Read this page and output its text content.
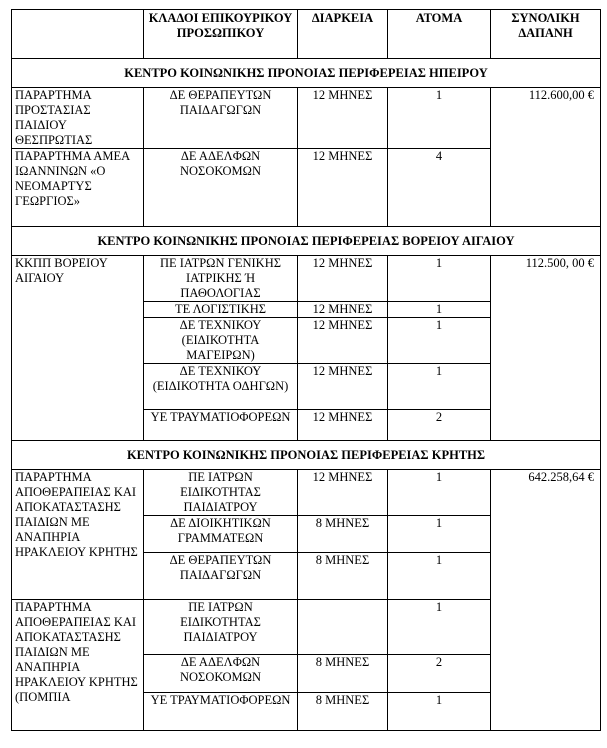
	ΚΛΑΔΟΙ ΕΠΙΚΟΥΡΙΚΟΥ ΠΡΟΣΩΠΙΚΟΥ	ΔΙΑΡΚΕΙΑ	ΑΤΟΜΑ	ΣΥΝΟΛΙΚΗ ΔΑΠΑΝΗ
ΚΕΝΤΡΟ ΚΟΙΝΩΝΙΚΗΣ ΠΡΟΝΟΙΑΣ ΠΕΡΙΦΕΡΕΙΑΣ ΗΠΕΙΡΟΥ				
ΠΑΡΑΡΤΗΜΑ ΠΡΟΣΤΑΣΙΑΣ ΠΑΙΔΙΟΥ ΘΕΣΠΡΩΤΙΑΣ	ΔΕ ΘΕΡΑΠΕΥΤΩΝ ΠΑΙΔΑΓΩΓΩΝ	12 ΜΗΝΕΣ	1	112.600,00 €
ΠΑΡΑΡΤΗΜΑ ΑΜΕΑ ΙΩΑΝΝΙΝΩΝ «Ο ΝΕΟΜΑΡΤΥΣ ΓΕΩΡΓΙΟΣ»	ΔΕ ΑΔΕΛΦΩΝ ΝΟΣΟΚΟΜΩΝ	12 ΜΗΝΕΣ	4	
ΚΕΝΤΡΟ ΚΟΙΝΩΝΙΚΗΣ ΠΡΟΝΟΙΑΣ ΠΕΡΙΦΕΡΕΙΑΣ ΒΟΡΕΙΟΥ ΑΙΓΑΙΟΥ				
ΚΚΠΠ ΒΟΡΕΙΟΥ ΑΙΓΑΙΟΥ	ΠΕ ΙΑΤΡΩΝ ΓΕΝΙΚΗΣ ΙΑΤΡΙΚΗΣ Ή ΠΑΘΟΛΟΓΙΑΣ	12 ΜΗΝΕΣ	1	112.500, 00 €
	ΤΕ ΛΟΓΙΣΤΙΚΗΣ	12 ΜΗΝΕΣ	1	
	ΔΕ ΤΕΧΝΙΚΟΥ (ΕΙΔΙΚΟΤΗΤΑ ΜΑΓΕΙΡΩΝ)	12 ΜΗΝΕΣ	1	
	ΔΕ ΤΕΧΝΙΚΟΥ (ΕΙΔΙΚΟΤΗΤΑ ΟΔΗΓΩΝ)	12 ΜΗΝΕΣ	1	
	ΥΕ ΤΡΑΥΜΑΤΙΟΦΟΡΕΩΝ	12 ΜΗΝΕΣ	2	
ΚΕΝΤΡΟ ΚΟΙΝΩΝΙΚΗΣ ΠΡΟΝΟΙΑΣ ΠΕΡΙΦΕΡΕΙΑΣ ΚΡΗΤΗΣ				
ΠΑΡΑΡΤΗΜΑ ΑΠΟΘΕΡΑΠΕΙΑΣ ΚΑΙ ΑΠΟΚΑΤΑΣΤΑΣΗΣ ΠΑΙΔΙΩΝ ΜΕ ΑΝΑΠΗΡΙΑ ΗΡΑΚΛΕΙΟΥ ΚΡΗΤΗΣ	ΠΕ ΙΑΤΡΩΝ ΕΙΔΙΚΟΤΗΤΑΣ ΠΑΙΔΙΑΤΡΟΥ	12 ΜΗΝΕΣ	1	642.258,64 €
	ΔΕ ΔΙΟΙΚΗΤΙΚΩΝ ΓΡΑΜΜΑΤΕΩΝ	8 ΜΗΝΕΣ	1	
	ΔΕ ΘΕΡΑΠΕΥΤΩΝ ΠΑΙΔΑΓΩΓΩΝ	8 ΜΗΝΕΣ	1	
ΠΑΡΑΡΤΗΜΑ ΑΠΟΘΕΡΑΠΕΙΑΣ ΚΑΙ ΑΠΟΚΑΤΑΣΤΑΣΗΣ ΠΑΙΔΙΩΝ ΜΕ ΑΝΑΠΗΡΙΑ ΗΡΑΚΛΕΙΟΥ ΚΡΗΤΗΣ (ΠΟΜΠΙΑ	ΠΕ ΙΑΤΡΩΝ ΕΙΔΙΚΟΤΗΤΑΣ ΠΑΙΔΙΑΤΡΟΥ		1	
	ΔΕ ΑΔΕΛΦΩΝ ΝΟΣΟΚΟΜΩΝ	8 ΜΗΝΕΣ	2	
	ΥΕ ΤΡΑΥΜΑΤΙΟΦΟΡΕΩΝ	8 ΜΗΝΕΣ	1	
